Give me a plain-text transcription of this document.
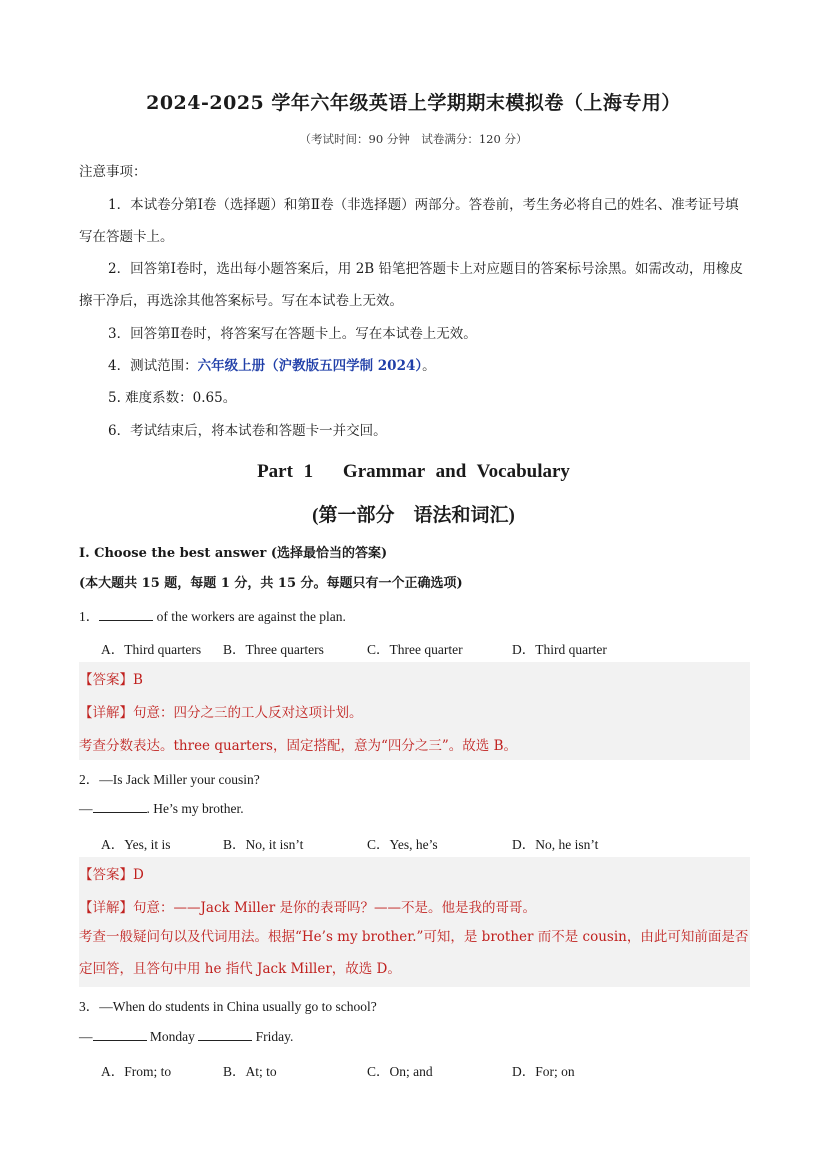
2024-2025 学年六年级英语上学期期末模拟卷（上海专用）
（考试时间：90 分钟　试卷满分：120 分）
注意事项：
1．本试卷分第Ⅰ卷（选择题）和第Ⅱ卷（非选择题）两部分。答卷前，考生务必将自己的姓名、准考证号填写在答题卡上。
2．回答第Ⅰ卷时，选出每小题答案后，用 2B 铅笔把答题卡上对应题目的答案标号涂黑。如需改动，用橡皮擦干净后，再选涂其他答案标号。写在本试卷上无效。
3．回答第Ⅱ卷时，将答案写在答题卡上。写在本试卷上无效。
4．测试范围：六年级上册（沪教版五四学制 2024）。
5. 难度系数：0.65。
6．考试结束后，将本试卷和答题卡一并交回。
Part 1　 Grammar and Vocabulary
(第一部分　语法和词汇)
I. Choose the best answer (选择最恰当的答案)
(本大题共 15 题，每题 1 分，共 15 分。每题只有一个正确选项)
1．	of the workers are against the plan.
A．Third quarters B．Three quarters	C．Three quarter	D．Third quarter
【答案】B
【详解】句意：四分之三的工人反对这项计划。
考查分数表达。three quarters，固定搭配，意为“四分之三”。故选 B。
2．—Is Jack Miller your cousin?
—	. He’s my brother.
A．Yes, it is	B．No, it isn’t	C．Yes, he’s	D．No, he isn’t
【答案】D
【详解】句意：——Jack Miller 是你的表哥吗？——不是。他是我的哥哥。
考查一般疑问句以及代词用法。根据“He’s my brother.”可知，是 brother 而不是 cousin，由此可知前面是否定回答，且答句中用 he 指代 Jack Miller，故选 D。
3．—When do students in China usually go to school?
—	Monday	Friday.
A．From; to	B．At; to	C．On; and	D．For; on
